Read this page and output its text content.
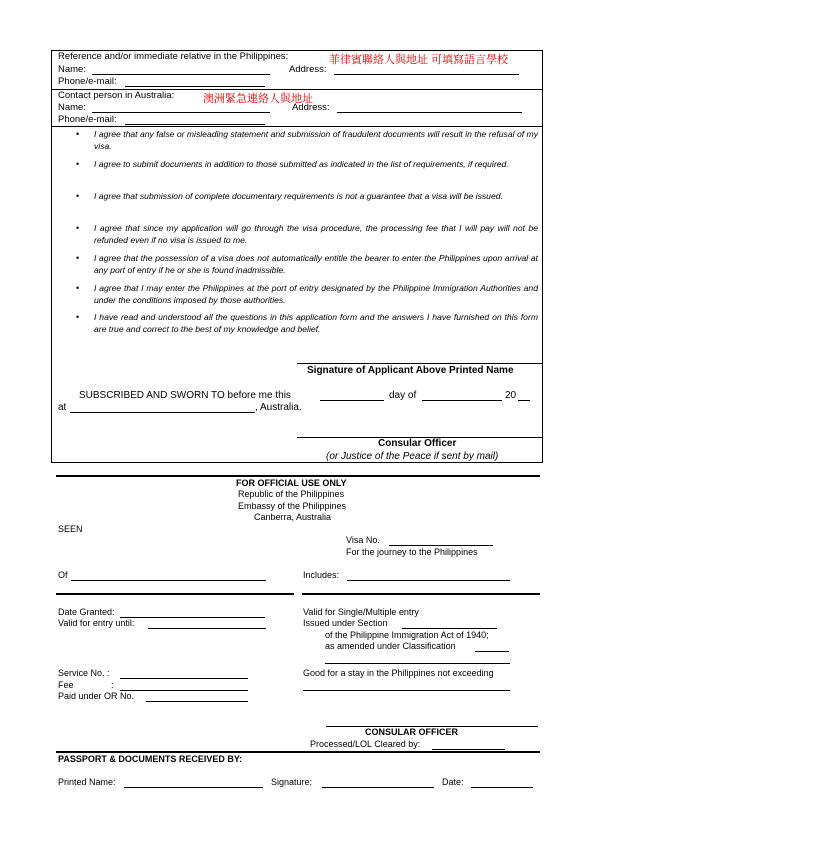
Reference and/or immediate relative in the Philippines:	菲律賓聯絡人與地址 可填寫語言學校
Name:	Address:
Phone/e-mail:
Contact person in Australia:	澳洲緊急連絡人與地址
Name:	Address:
Phone/e-mail:
• I agree that any false or misleading statement and submission of fraudulent documents will result in the refusal of my visa.
• I agree to submit documents in addition to those submitted as indicated in the list of requirements, if required.
• I agree that submission of complete documentary requirements is not a guarantee that a visa will be issued.
• I agree that since my application will go through the visa procedure, the processing fee that I will pay will not be refunded even if no visa is issued to me.
• I agree that the possession of a visa does not automatically entitle the bearer to enter the Philippines upon arrival at any port of entry if he or she is found inadmissible.
• I agree that I may enter the Philippines at the port of entry designated by the Philippine Immigration Authorities and under the conditions imposed by those authorities.
• I have read and understood all the questions in this application form and the answers I have furnished on this form are true and correct to the best of my knowledge and belief.
Signature of Applicant Above Printed Name
SUBSCRIBED AND SWORN TO before me this	day of	20
at	, Australia.
Consular Officer
(or Justice of the Peace if sent by mail)
FOR OFFICIAL USE ONLY
Republic of the Philippines
Embassy of the Philippines
Canberra, Australia
SEEN
Visa No.
For the journey to the Philippines
Of	Includes:
Date Granted:
Valid for entry until:
Valid for Single/Multiple entry
Issued under Section
of the Philippine Immigration Act of 1940;
as amended under Classification
Service No. :
Fee	:
Paid under OR No.
Good for a stay in the Philippines not exceeding
CONSULAR OFFICER
Processed/LOL Cleared by:
PASSPORT & DOCUMENTS RECEIVED BY:
Printed Name:	Signature:	Date:
